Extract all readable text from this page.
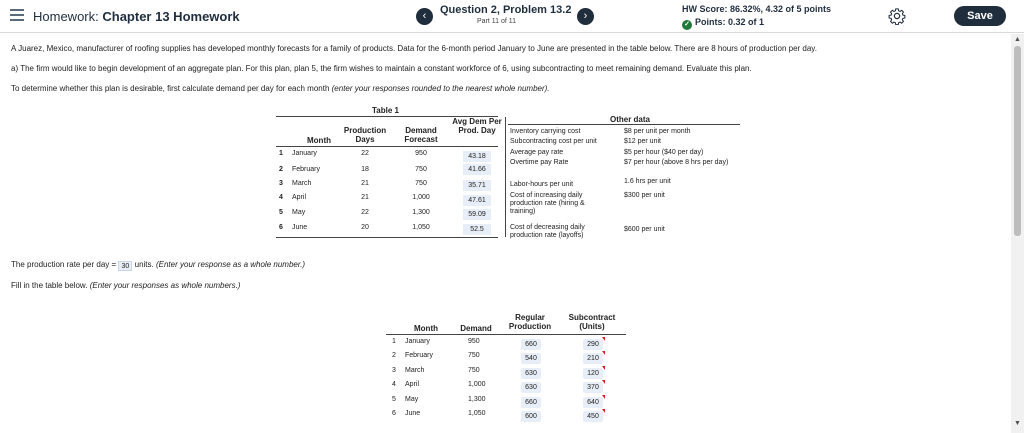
Homework: Chapter 13 Homework	‹	Question 2, Problem 13.2
Part 11 of 11	›
HW Score: 86.32%, 4.32 of 5 points
✓ Points: 0.32 of 1	Save
A Juarez, Mexico, manufacturer of roofing supplies has developed monthly forecasts for a family of products. Data for the 6-month period January to June are presented in the table below. There are 8 hours of production per day.
a) The firm would like to begin development of an aggregate plan. For this plan, plan 5, the firm wishes to maintain a constant workforce of 6, using subcontracting to meet remaining demand. Evaluate this plan.
To determine whether this plan is desirable, first calculate demand per day for each month (enter your responses rounded to the nearest whole number).
Table 1
Month
Production Days
Demand Forecast
Avg Dem Per Prod. Day
1	January	22	950	43.18
2	February	18	750	41.66
3	March	21	750	35.71
4	April	21	1,000	47.61
5	May	22	1,300	59.09
6	June	20	1,050	52.5
Other data
Inventory carrying cost	$8 per unit per month
Subcontracting cost per unit	$12 per unit
Average pay rate	$5 per hour ($40 per day)
Overtime pay Rate	$7 per hour (above 8 hrs per day)
Labor-hours per unit	1.6 hrs per unit
Cost of increasing daily production rate (hiring & training)
$300 per unit
Cost of decreasing daily production rate (layoffs)
$600 per unit
The production rate per day = 30 units. (Enter your response as a whole number.)
Fill in the table below. (Enter your responses as whole numbers.)
Month	Demand
Regular Production
Subcontract (Units)
1	January	950	660	290
2	February	750	540	210
3	March	750	630	120
4	April	1,000	630	370
5	May	1,300	660	640
6	June	1,050	600	450
▲
▼
